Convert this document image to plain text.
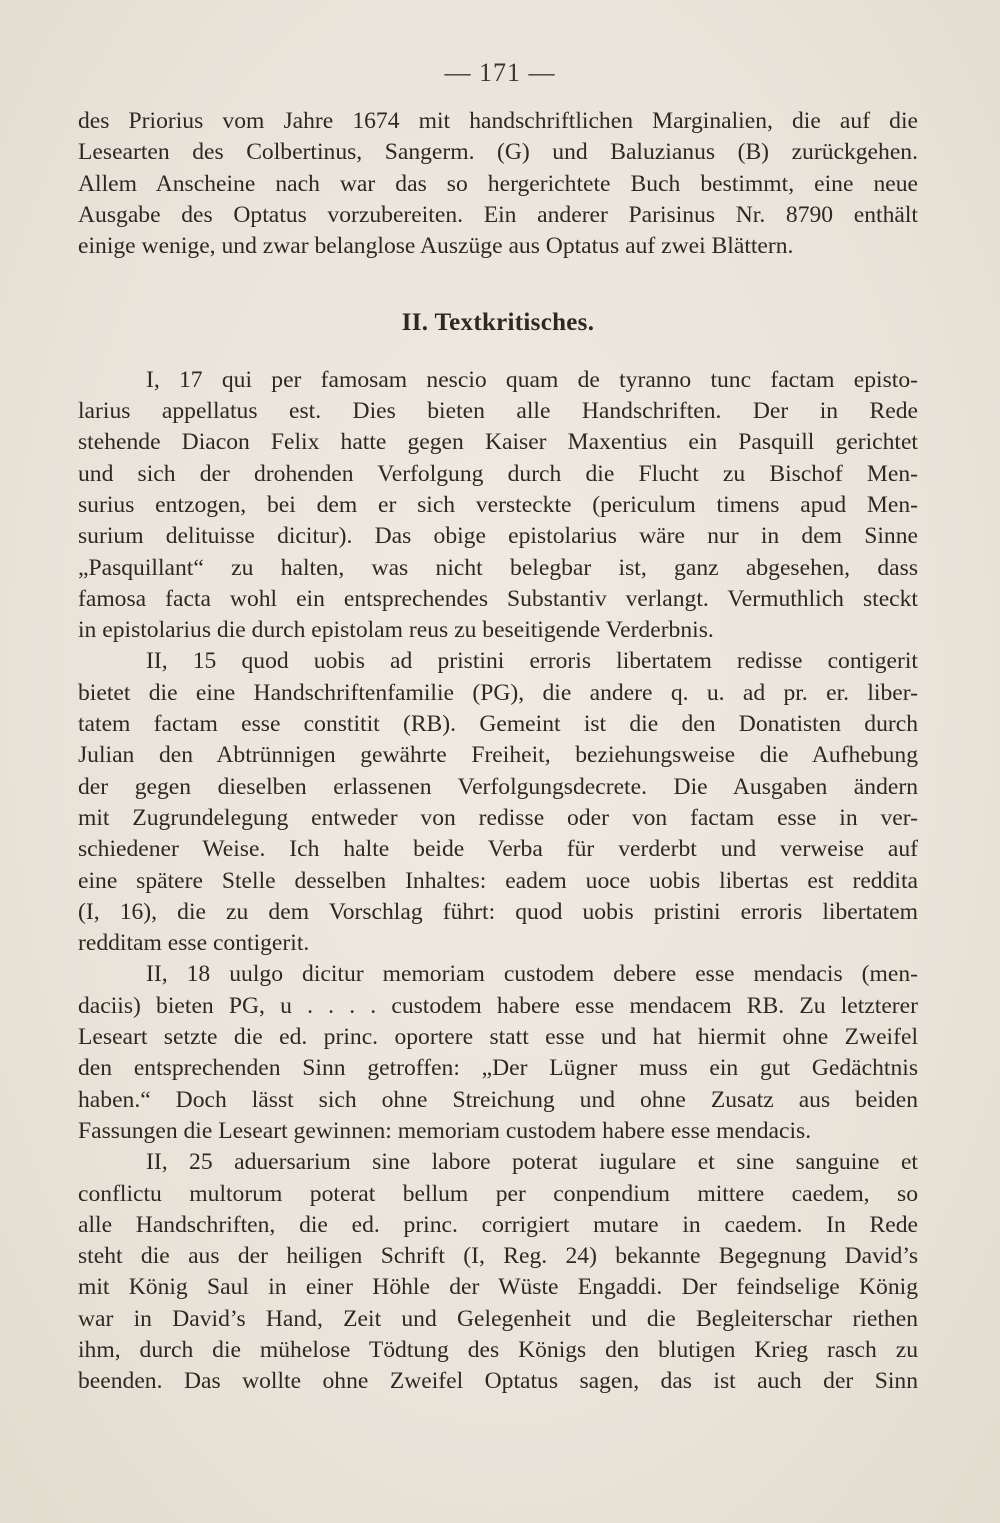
— 171 —
des Priorius vom Jahre 1674 mit handschriftlichen Marginalien, die auf die
Lesearten des Colbertinus, Sangerm. (G) und Baluzianus (B) zurückgehen.
Allem Anscheine nach war das so hergerichtete Buch bestimmt, eine neue
Ausgabe des Optatus vorzubereiten. Ein anderer Parisinus Nr. 8790 enthält
einige wenige, und zwar belanglose Auszüge aus Optatus auf zwei Blättern.
II. Textkritisches.
I, 17 qui per famosam nescio quam de tyranno tunc factam episto-
larius appellatus est. Dies bieten alle Handschriften. Der in Rede
stehende Diacon Felix hatte gegen Kaiser Maxentius ein Pasquill gerichtet
und sich der drohenden Verfolgung durch die Flucht zu Bischof Men-
surius entzogen, bei dem er sich versteckte (periculum timens apud Men-
surium delituisse dicitur). Das obige epistolarius wäre nur in dem Sinne
„Pasquillant“ zu halten, was nicht belegbar ist, ganz abgesehen, dass
famosa facta wohl ein entsprechendes Substantiv verlangt. Vermuthlich steckt
in epistolarius die durch epistolam reus zu beseitigende Verderbnis.
II, 15 quod uobis ad pristini erroris libertatem redisse contigerit
bietet die eine Handschriftenfamilie (PG), die andere q. u. ad pr. er. liber-
tatem factam esse constitit (RB). Gemeint ist die den Donatisten durch
Julian den Abtrünnigen gewährte Freiheit, beziehungsweise die Aufhebung
der gegen dieselben erlassenen Verfolgungsdecrete. Die Ausgaben ändern
mit Zugrundelegung entweder von redisse oder von factam esse in ver-
schiedener Weise. Ich halte beide Verba für verderbt und verweise auf
eine spätere Stelle desselben Inhaltes: eadem uoce uobis libertas est reddita
(I, 16), die zu dem Vorschlag führt: quod uobis pristini erroris libertatem
redditam esse contigerit.
II, 18 uulgo dicitur memoriam custodem debere esse mendacis (men-
daciis) bieten PG, u . . . . custodem habere esse mendacem RB. Zu letzterer
Leseart setzte die ed. princ. oportere statt esse und hat hiermit ohne Zweifel
den entsprechenden Sinn getroffen: „Der Lügner muss ein gut Gedächtnis
haben.“ Doch lässt sich ohne Streichung und ohne Zusatz aus beiden
Fassungen die Leseart gewinnen: memoriam custodem habere esse mendacis.
II, 25 aduersarium sine labore poterat iugulare et sine sanguine et
conflictu multorum poterat bellum per conpendium mittere caedem, so
alle Handschriften, die ed. princ. corrigiert mutare in caedem. In Rede
steht die aus der heiligen Schrift (I, Reg. 24) bekannte Begegnung David’s
mit König Saul in einer Höhle der Wüste Engaddi. Der feindselige König
war in David’s Hand, Zeit und Gelegenheit und die Begleiterschar riethen
ihm, durch die mühelose Tödtung des Königs den blutigen Krieg rasch zu
beenden. Das wollte ohne Zweifel Optatus sagen, das ist auch der Sinn
